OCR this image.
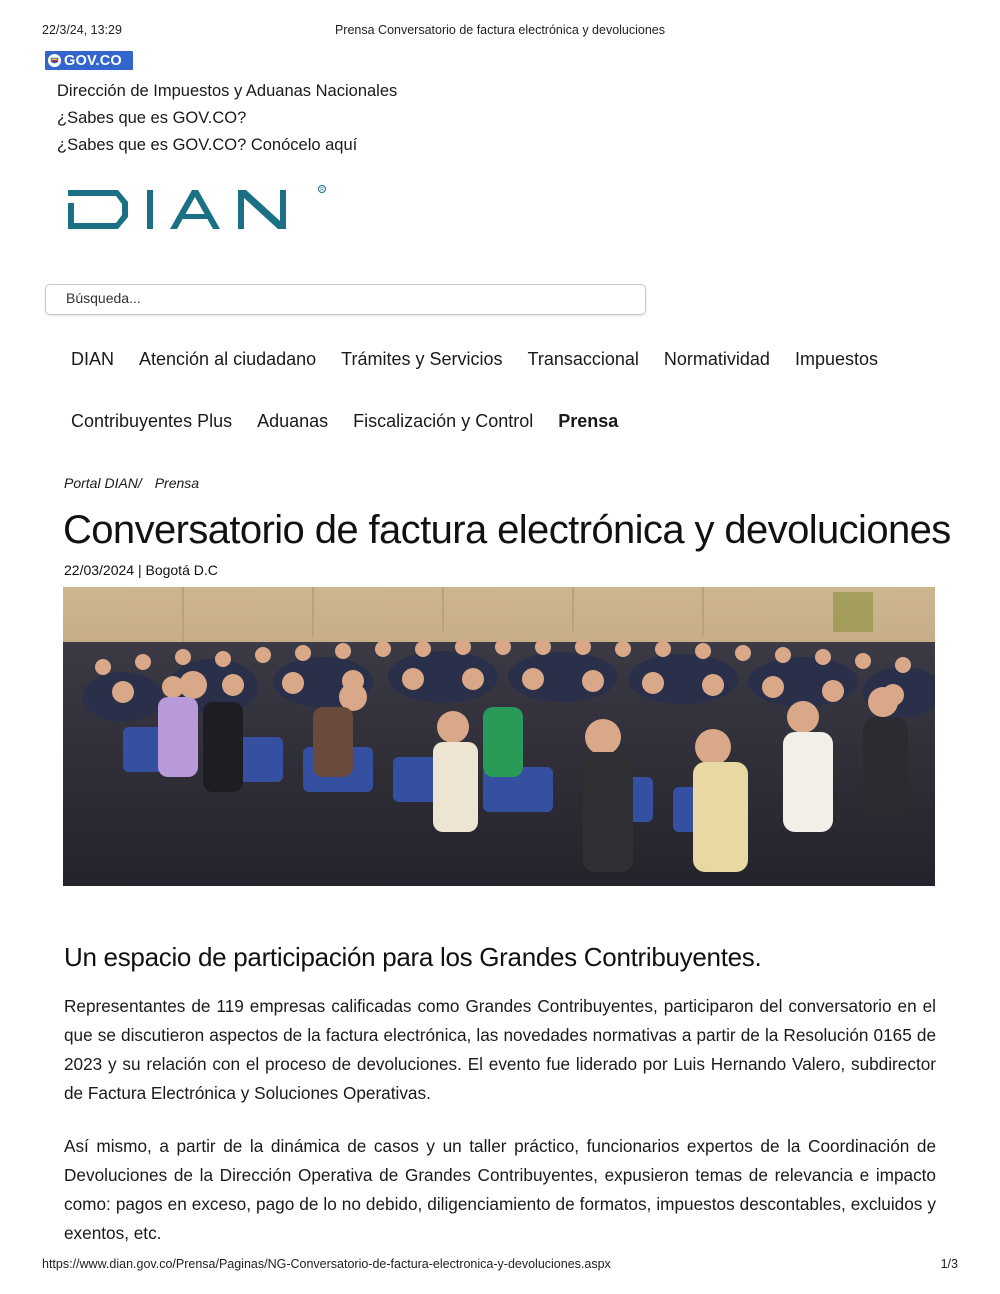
22/3/24, 13:29	Prensa Conversatorio de factura electrónica y devoluciones
GOV.CO
Dirección de Impuestos y Aduanas Nacionales
¿Sabes que es GOV.CO?
¿Sabes que es GOV.CO? Conócelo aquí
R
Búsqueda...
DIAN Atención al ciudadano Trámites y Servicios Transaccional Normatividad Impuestos
Contribuyentes Plus Aduanas Fiscalización y Control Prensa
Portal DIAN/ Prensa
Conversatorio de factura electrónica y devoluciones
22/03/2024 | Bogotá D.C
Un espacio de participación para los Grandes Contribuyentes.

Representantes de 119 empresas calificadas como Grandes Contribuyentes, participaron del conversatorio en el que se discutieron aspectos de la factura electrónica, las novedades normativas a partir de la Resolución 0165 de 2023 y su relación con el proceso de devoluciones. El evento fue liderado por Luis Hernando Valero, subdirector de Factura Electrónica y Soluciones Operativas.

Así mismo, a partir de la dinámica de casos y un taller práctico, funcionarios expertos de la Coordinación de Devoluciones de la Dirección Operativa de Grandes Contribuyentes, expusieron temas de relevancia e impacto como: pagos en exceso, pago de lo no debido, diligenciamiento de formatos, impuestos descontables, excluidos y exentos, etc.

https://www.dian.gov.co/Prensa/Paginas/NG-Conversatorio-de-factura-electronica-y-devoluciones.aspx	1/3
